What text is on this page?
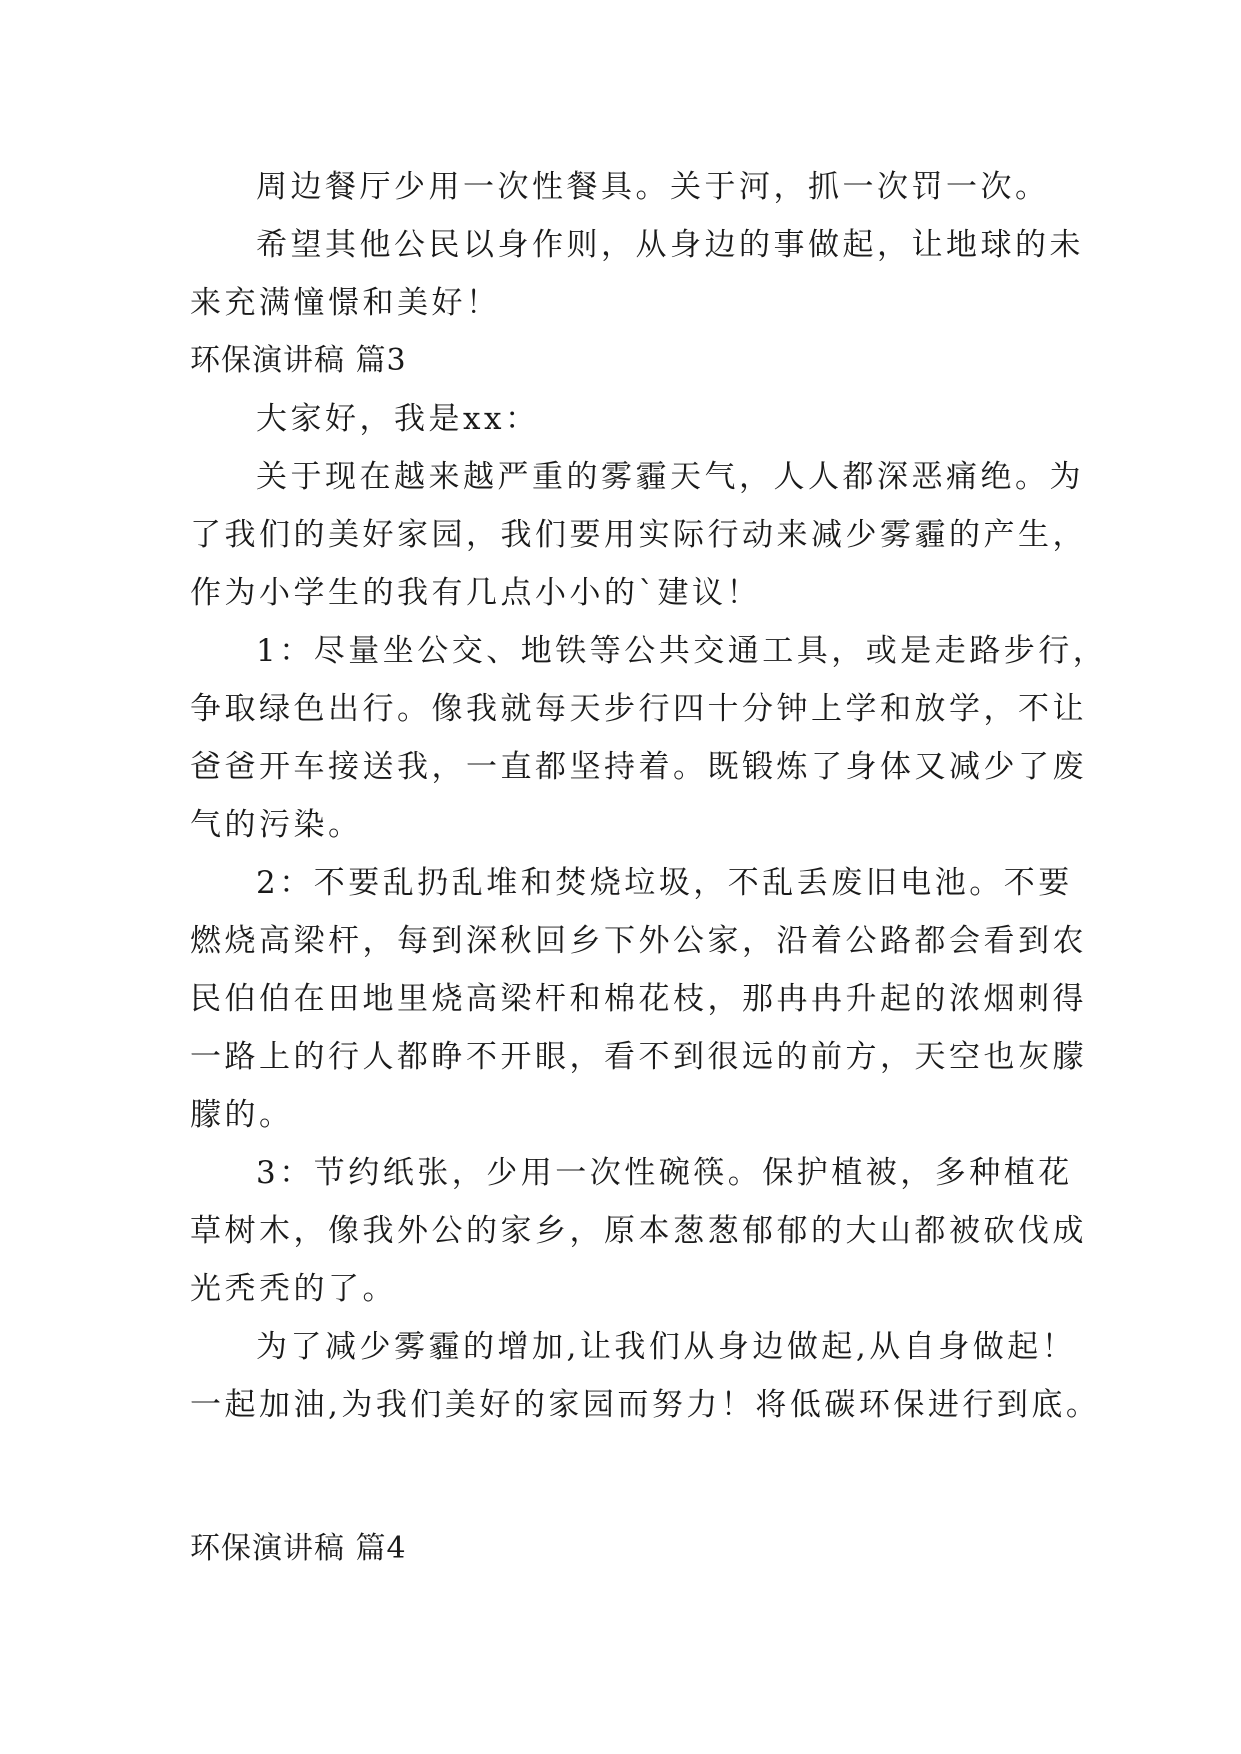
周边餐厅少用一次性餐具。关于河，抓一次罚一次。

希望其他公民以身作则，从身边的事做起，让地球的未

来充满憧憬和美好！

环保演讲稿 篇3

大家好，我是xx：

关于现在越来越严重的雾霾天气，人人都深恶痛绝。为

了我们的美好家园，我们要用实际行动来减少雾霾的产生，

作为小学生的我有几点小小的`建议！

1：尽量坐公交、地铁等公共交通工具，或是走路步行，

争取绿色出行。像我就每天步行四十分钟上学和放学，不让

爸爸开车接送我，一直都坚持着。既锻炼了身体又减少了废

气的污染。

2：不要乱扔乱堆和焚烧垃圾，不乱丢废旧电池。不要

燃烧高梁杆，每到深秋回乡下外公家，沿着公路都会看到农

民伯伯在田地里烧高梁杆和棉花枝，那冉冉升起的浓烟刺得

一路上的行人都睁不开眼，看不到很远的前方，天空也灰朦

朦的。

3：节约纸张，少用一次性碗筷。保护植被，多种植花

草树木，像我外公的家乡，原本葱葱郁郁的大山都被砍伐成

光秃秃的了。

为了减少雾霾的增加,让我们从身边做起,从自身做起！

一起加油,为我们美好的家园而努力！将低碳环保进行到底。

环保演讲稿 篇4
